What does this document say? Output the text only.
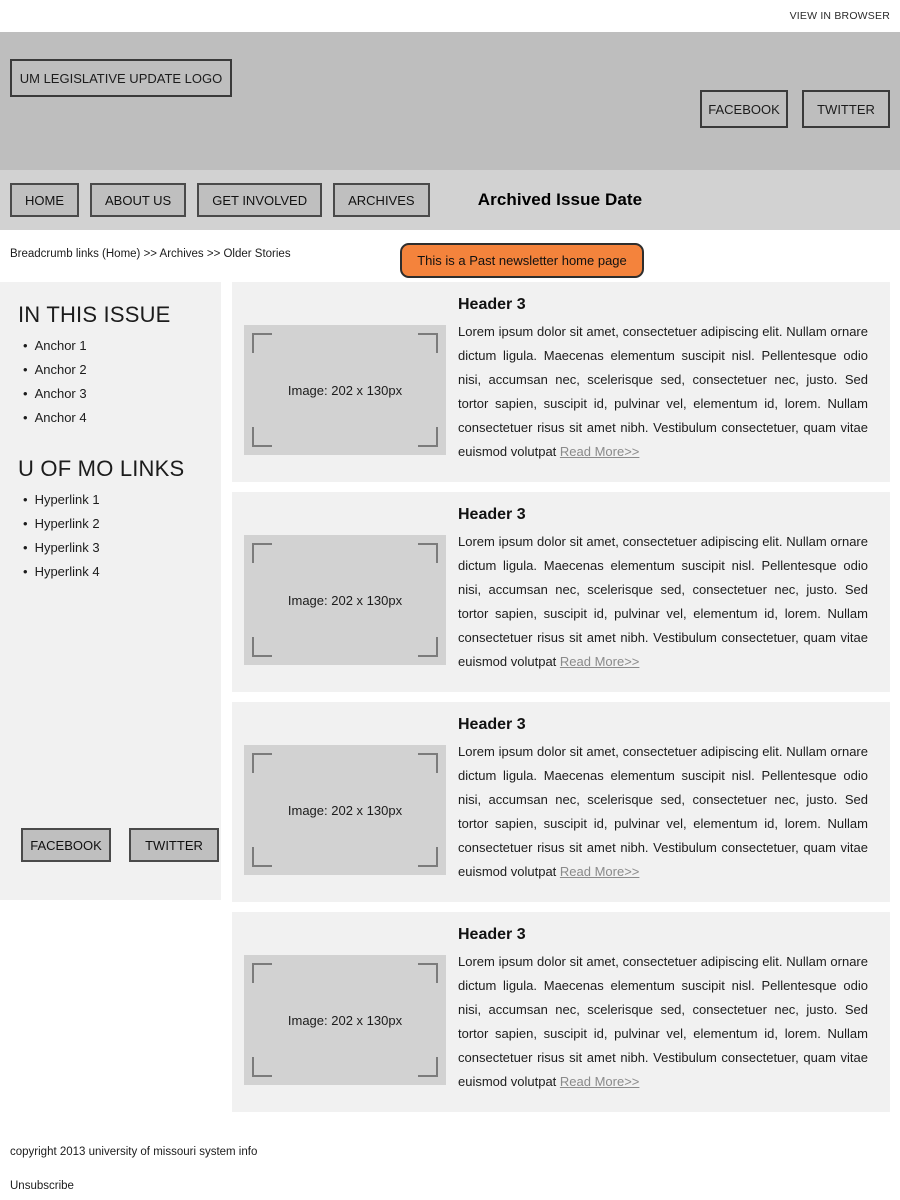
VIEW IN BROWSER
UM LEGISLATIVE UPDATE LOGO
FACEBOOK	TWITTER
HOME	ABOUT US	GET INVOLVED	ARCHIVES	Archived Issue Date
Breadcrumb links (Home) >> Archives >> Older Stories	This is a Past newsletter home page
IN THIS ISSUE
• Anchor 1
• Anchor 2
• Anchor 3
• Anchor 4
U OF MO LINKS
• Hyperlink 1
• Hyperlink 2
• Hyperlink 3
• Hyperlink 4
FACEBOOK	TWITTER
Image: 202 x 130px
Header 3

Lorem ipsum dolor sit amet, consectetuer adipiscing elit. Nullam ornare dictum ligula. Maecenas elementum suscipit nisl. Pellentesque odio nisi, accumsan nec, scelerisque sed, consectetuer nec, justo. Sed tortor sapien, suscipit id, pulvinar vel, elementum id, lorem. Nullam consectetuer risus sit amet nibh. Vestibulum consectetuer, quam vitae euismod volutpat Read More>>

Image: 202 x 130px
Header 3

Lorem ipsum dolor sit amet, consectetuer adipiscing elit. Nullam ornare dictum ligula. Maecenas elementum suscipit nisl. Pellentesque odio nisi, accumsan nec, scelerisque sed, consectetuer nec, justo. Sed tortor sapien, suscipit id, pulvinar vel, elementum id, lorem. Nullam consectetuer risus sit amet nibh. Vestibulum consectetuer, quam vitae euismod volutpat Read More>>

Image: 202 x 130px
Header 3

Lorem ipsum dolor sit amet, consectetuer adipiscing elit. Nullam ornare dictum ligula. Maecenas elementum suscipit nisl. Pellentesque odio nisi, accumsan nec, scelerisque sed, consectetuer nec, justo. Sed tortor sapien, suscipit id, pulvinar vel, elementum id, lorem. Nullam consectetuer risus sit amet nibh. Vestibulum consectetuer, quam vitae euismod volutpat Read More>>

Image: 202 x 130px
Header 3

Lorem ipsum dolor sit amet, consectetuer adipiscing elit. Nullam ornare dictum ligula. Maecenas elementum suscipit nisl. Pellentesque odio nisi, accumsan nec, scelerisque sed, consectetuer nec, justo. Sed tortor sapien, suscipit id, pulvinar vel, elementum id, lorem. Nullam consectetuer risus sit amet nibh. Vestibulum consectetuer, quam vitae euismod volutpat Read More>>

copyright 2013 university of missouri system info
Unsubscribe
